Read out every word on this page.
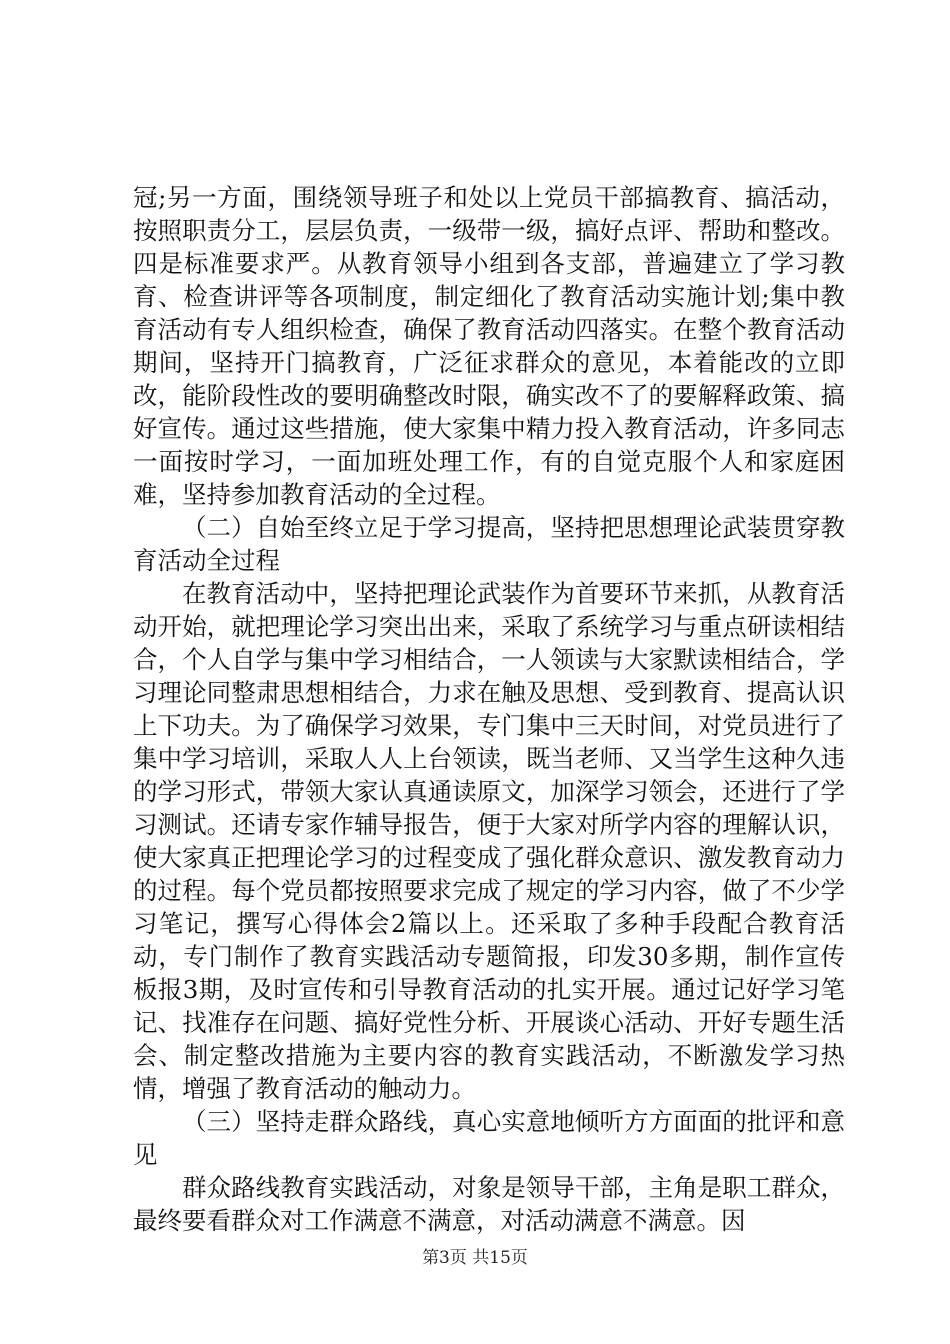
冠;另一方面，围绕领导班子和处以上党员干部搞教育、搞活动，按照职责分工，层层负责，一级带一级，搞好点评、帮助和整改。四是标准要求严。从教育领导小组到各支部，普遍建立了学习教育、检查讲评等各项制度，制定细化了教育活动实施计划;集中教育活动有专人组织检查，确保了教育活动四落实。在整个教育活动期间，坚持开门搞教育，广泛征求群众的意见，本着能改的立即改，能阶段性改的要明确整改时限，确实改不了的要解释政策、搞好宣传。通过这些措施，使大家集中精力投入教育活动，许多同志一面按时学习，一面加班处理工作，有的自觉克服个人和家庭困难，坚持参加教育活动的全过程。

（二）自始至终立足于学习提高，坚持把思想理论武装贯穿教育活动全过程

在教育活动中，坚持把理论武装作为首要环节来抓，从教育活动开始，就把理论学习突出出来，采取了系统学习与重点研读相结合，个人自学与集中学习相结合，一人领读与大家默读相结合，学习理论同整肃思想相结合，力求在触及思想、受到教育、提高认识上下功夫。为了确保学习效果，专门集中三天时间，对党员进行了集中学习培训，采取人人上台领读，既当老师、又当学生这种久违的学习形式，带领大家认真通读原文，加深学习领会，还进行了学习测试。还请专家作辅导报告，便于大家对所学内容的理解认识，使大家真正把理论学习的过程变成了强化群众意识、激发教育动力的过程。每个党员都按照要求完成了规定的学习内容，做了不少学习笔记，撰写心得体会2篇以上。还采取了多种手段配合教育活动，专门制作了教育实践活动专题简报，印发30多期，制作宣传板报3期，及时宣传和引导教育活动的扎实开展。通过记好学习笔记、找准存在问题、搞好党性分析、开展谈心活动、开好专题生活会、制定整改措施为主要内容的教育实践活动，不断激发学习热情，增强了教育活动的触动力。

（三）坚持走群众路线，真心实意地倾听方方面面的批评和意见

群众路线教育实践活动，对象是领导干部，主角是职工群众，最终要看群众对工作满意不满意，对活动满意不满意。因

第3页 共15页
